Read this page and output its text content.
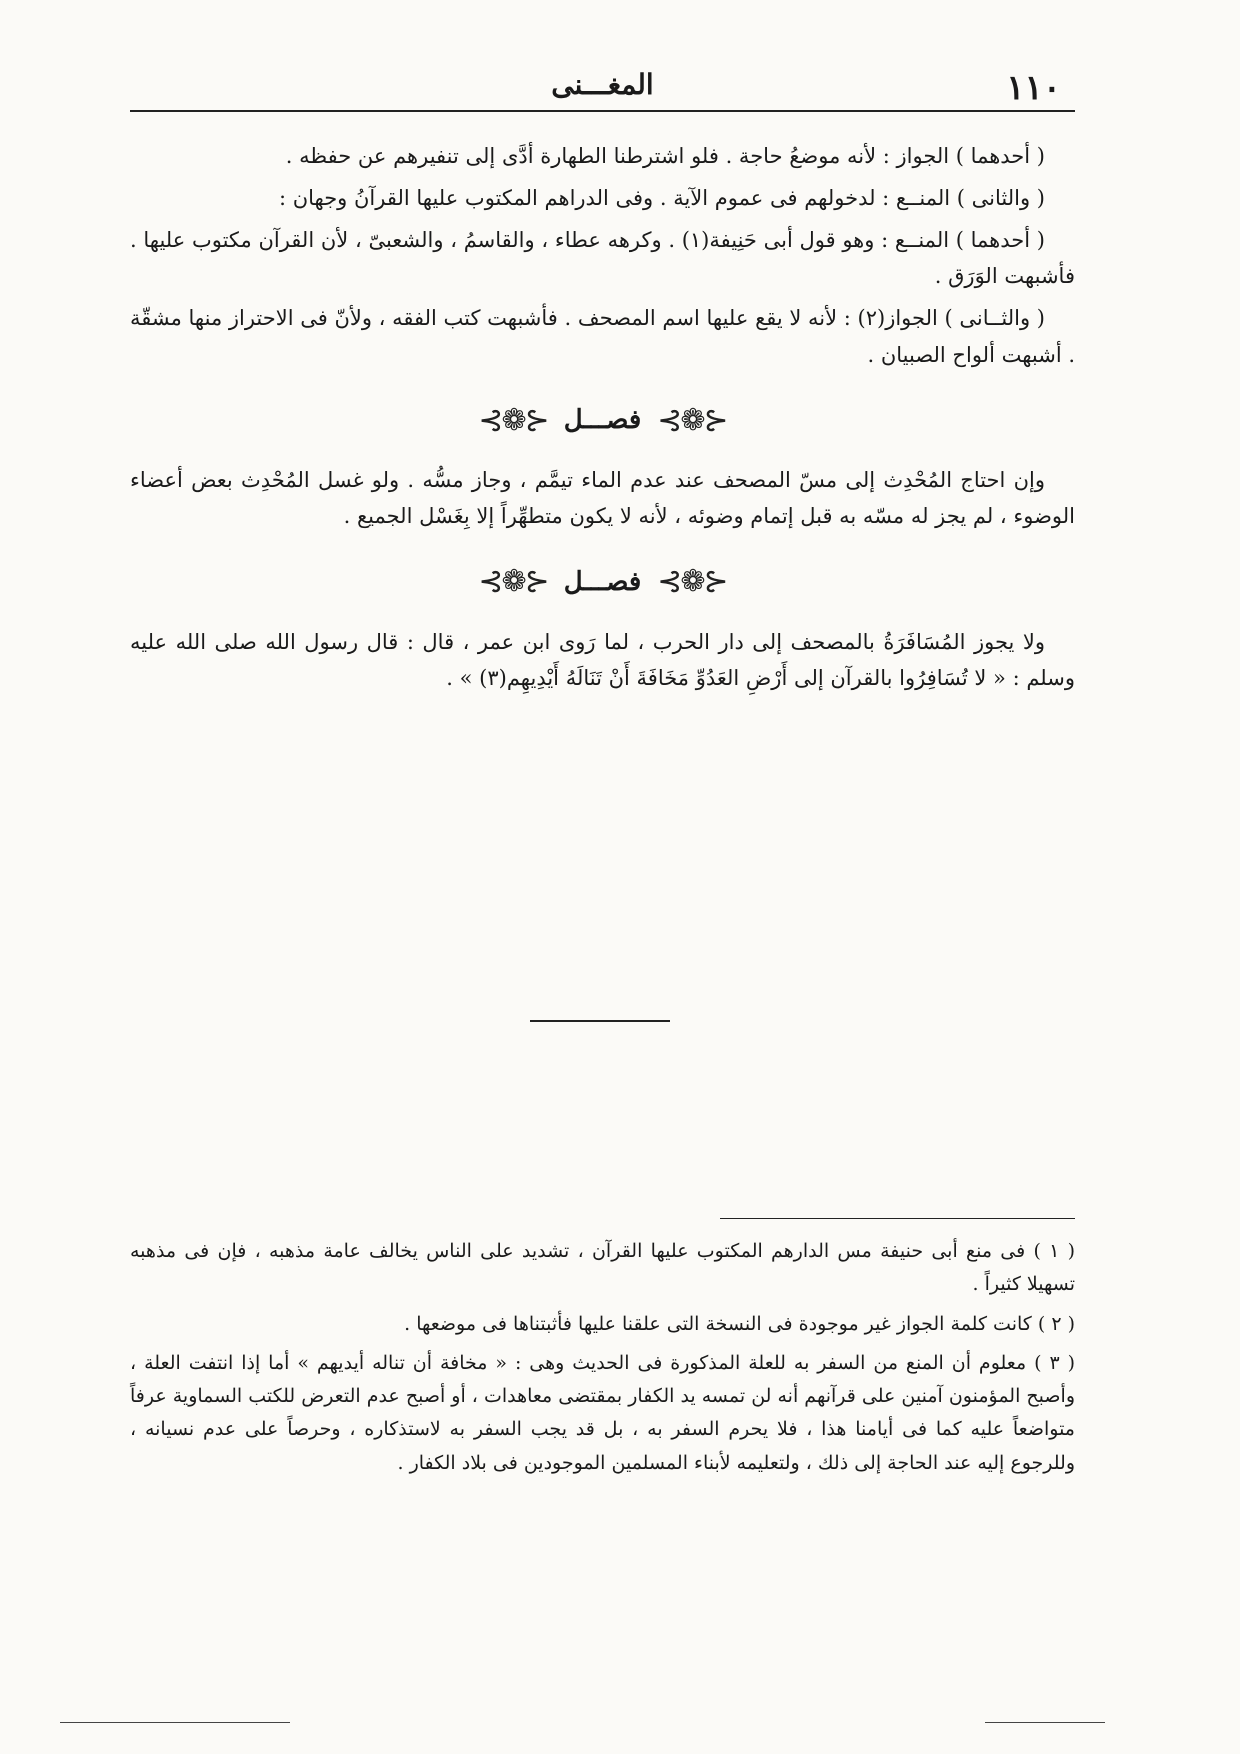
١١٠
المغـــنى

( أحدهما ) الجواز : لأنه موضعُ حاجة . فلو اشترطنا الطهارة أدَّى إلى تنفيرهم عن حفظه .

( والثانى ) المنــع : لدخولهم فى عموم الآية . وفى الدراهم المكتوب عليها القرآنُ وجهان :

( أحدهما ) المنــع : وهو قول أبى حَنِيفة(١) . وكرهه عطاء ، والقاسمُ ، والشعبىّ ، لأن القرآن مكتوب عليها . فأشبهت الوَرَق .

( والثــانى ) الجواز(٢) : لأنه لا يقع عليها اسم المصحف . فأشبهت كتب الفقه ، ولأنّ فى الاحتراز منها مشقّة . أشبهت ألواح الصبيان .

⊰❁⊱
فصـــل
⊰❁⊱

وإن احتاج المُحْدِث إلى مسّ المصحف عند عدم الماء تيمَّم ، وجاز مسُّه . ولو غسل المُحْدِث بعض أعضاء الوضوء ، لم يجز له مسّه به قبل إتمام وضوئه ، لأنه لا يكون متطهِّراً إلا بِغَسْل الجميع .

⊰❁⊱
فصـــل
⊰❁⊱

ولا يجوز المُسَافَرَةُ بالمصحف إلى دار الحرب ، لما رَوى ابن عمر ، قال : قال رسول الله صلى الله عليه وسلم : « لا تُسَافِرُوا بالقرآن إلى أَرْضِ العَدُوِّ مَخَافَةَ أَنْ تَنَالَهُ أَيْدِيهِم(٣) » .

( ١ ) فى منع أبى حنيفة مس الدارهم المكتوب عليها القرآن ، تشديد على الناس يخالف عامة مذهبه ، فإن فى مذهبه تسهيلا كثيراً .

( ٢ ) كانت كلمة الجواز غير موجودة فى النسخة التى علقنا عليها فأثبتناها فى موضعها .

( ٣ ) معلوم أن المنع من السفر به للعلة المذكورة فى الحديث وهى : « مخافة أن تناله أيديهم » أما إذا انتفت العلة ، وأصبح المؤمنون آمنين على قرآنهم أنه لن تمسه يد الكفار بمقتضى معاهدات ، أو أصبح عدم التعرض للكتب السماوية عرفاً متواضعاً عليه كما فى أيامنا هذا ، فلا يحرم السفر به ، بل قد يجب السفر به لاستذكاره ، وحرصاً على عدم نسيانه ، وللرجوع إليه عند الحاجة إلى ذلك ، ولتعليمه لأبناء المسلمين الموجودين فى بلاد الكفار .
